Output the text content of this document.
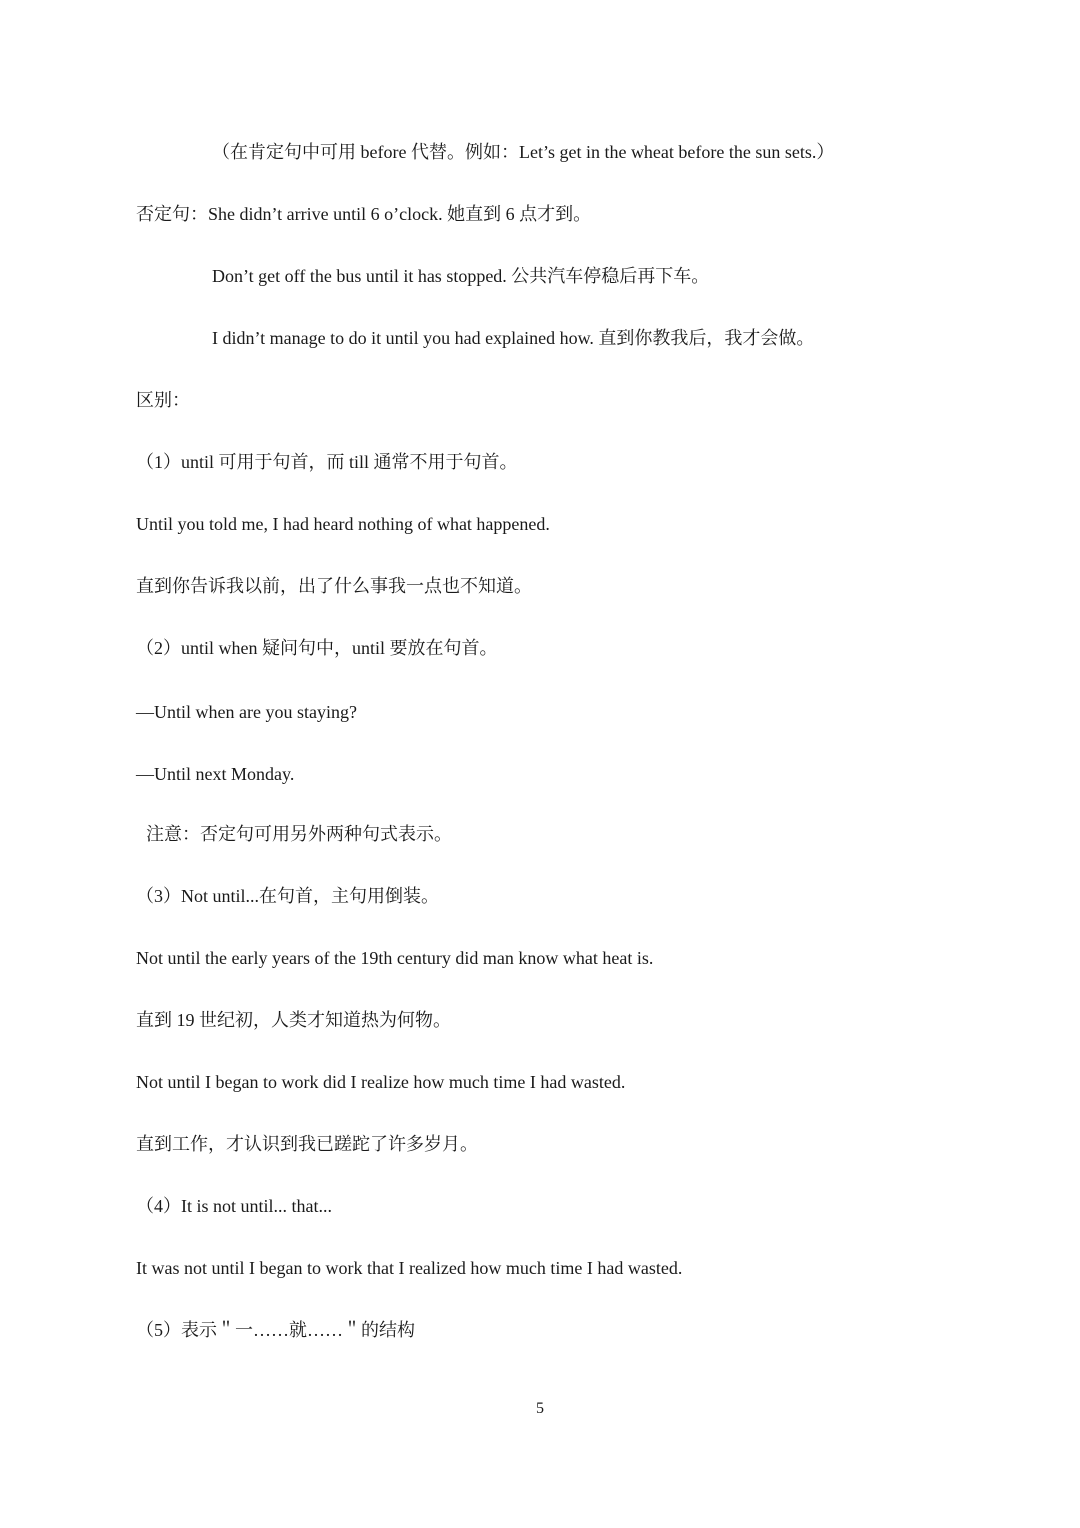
（在肯定句中可用 before 代替。例如：Let’s get in the wheat before the sun sets.）
否定句：She didn’t arrive until 6 o’clock. 她直到 6 点才到。
Don’t get off the bus until it has stopped. 公共汽车停稳后再下车。
I didn’t manage to do it until you had explained how. 直到你教我后，我才会做。
区别：
（1）until 可用于句首，而 till 通常不用于句首。
Until you told me, I had heard nothing of what happened.
直到你告诉我以前，出了什么事我一点也不知道。
（2）until when 疑问句中，until 要放在句首。
—Until when are you staying?
—Until next Monday.
注意：否定句可用另外两种句式表示。
（3）Not until...在句首，主句用倒装。
Not until the early years of the 19th century did man know what heat is.
直到 19 世纪初，人类才知道热为何物。
Not until I began to work did I realize how much time I had wasted.
直到工作，才认识到我已蹉跎了许多岁月。
（4）It is not until... that...
It was not until I began to work that I realized how much time I had wasted.
（5）表示＂一……就……＂的结构
5
